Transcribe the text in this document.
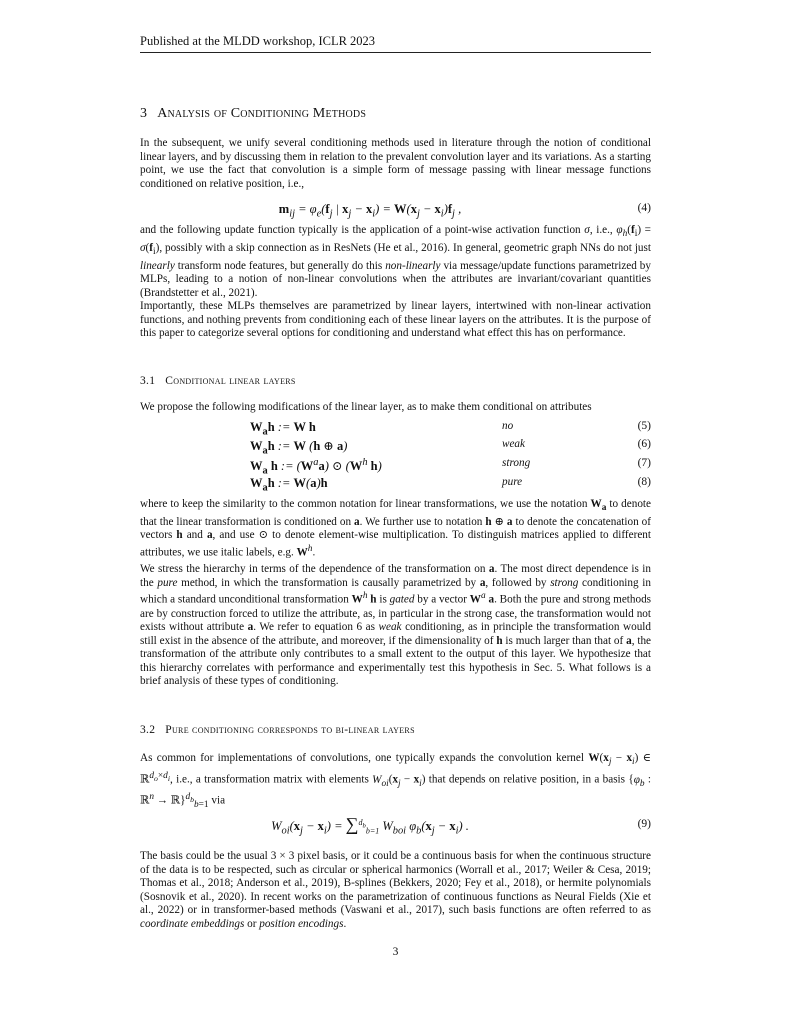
Published at the MLDD workshop, ICLR 2023
3 Analysis of Conditioning Methods

In the subsequent, we unify several conditioning methods used in literature through the notion of conditional linear layers, and by discussing them in relation to the prevalent convolution layer and its variations. As a starting point, we use the fact that convolution is a simple form of message passing with linear message functions conditioned on relative position, i.e.,

$m_{ij} = \varphi_e(f_j$ | $x_j - x_i) = W(x_j - x_i)f_j$ ,	(4)

and the following update function typically is the application of a point-wise activation function σ, i.e., $\varphi_h(f_i) = \sigma(f_i)$, possibly with a skip connection as in ResNets (He et al., 2016). In general, geometric graph NNs do not just linearly transform node features, but generally do this non-linearly via message/update functions parametrized by MLPs, leading to a notion of non-linear convolutions when the attributes are invariant/covariant quantities (Brandstetter et al., 2021).

Importantly, these MLPs themselves are parametrized by linear layers, intertwined with non-linear activation functions, and nothing prevents from conditioning each of these linear layers on the attributes. It is the purpose of this paper to categorize several options for conditioning and understand what effect this has on performance.

3.1 Conditional linear layers

We propose the following modifications of the linear layer, as to make them conditional on attributes

$W_ah$ := W h	no	(5)
$W_ah$ := W (h ⊕ a)	weak	(6)
$W_a$ h := $(W^aa)$ ⊙ ($W^h$ h)	strong	(7)
$W_ah$ := W(a)h	pure	(8)

where to keep the similarity to the common notation for linear transformations, we use the notation $W_a$ to denote that the linear transformation is conditioned on a. We further use to notation h ⊕ a to denote the concatenation of vectors h and a, and use ⊙ to denote element-wise multiplication. To distinguish matrices applied to different attributes, we use italic labels, e.g. $W^h$.

We stress the hierarchy in terms of the dependence of the transformation on a. The most direct dependence is in the pure method, in which the transformation is causally parametrized by a, followed by strong conditioning in which a standard unconditional transformation $W^h$ h is gated by a vector $W^a$ a. Both the pure and strong methods are by construction forced to utilize the attribute, as, in particular in the strong case, the transformation would not exists without attribute a. We refer to equation 6 as weak conditioning, as in principle the transformation would still exist in the absence of the attribute, and moreover, if the dimensionality of h is much larger than that of a, the transformation of the attribute only contributes to a small extent to the output of this layer. We hypothesize that this hierarchy correlates with performance and experimentally test this hypothesis in Sec. 5. What follows is a brief analysis of these types of conditioning.

3.2 Pure conditioning corresponds to bi-linear layers

As common for implementations of convolutions, one typically expands the convolution kernel $W(x_j - x_i)$ ∈ ℝ$^{d_o\times d_i}$, i.e., a transformation matrix with elements $W_{oi}(x_j - x_i)$ that depends on relative position, in a basis {$\varphi_b$ : ℝ$^n$ → ℝ}$^{d_b}_{b=1}$ via

$W_{oi}(x_j - x_i) = \sum^{d_b}_{b=1}$ $W_{boi}$ $\varphi_b(x_j - x_i)$ .	(9)

The basis could be the usual 3 × 3 pixel basis, or it could be a continuous basis for when the continuous structure of the data is to be respected, such as circular or spherical harmonics (Worrall et al., 2017; Weiler & Cesa, 2019; Thomas et al., 2018; Anderson et al., 2019), B-splines (Bekkers, 2020; Fey et al., 2018), or hermite polynomials (Sosnovik et al., 2020). In recent works on the parametrization of continuous functions as Neural Fields (Xie et al., 2022) or in transformer-based methods (Vaswani et al., 2017), such basis functions are often referred to as coordinate embeddings or position encodings.

3
